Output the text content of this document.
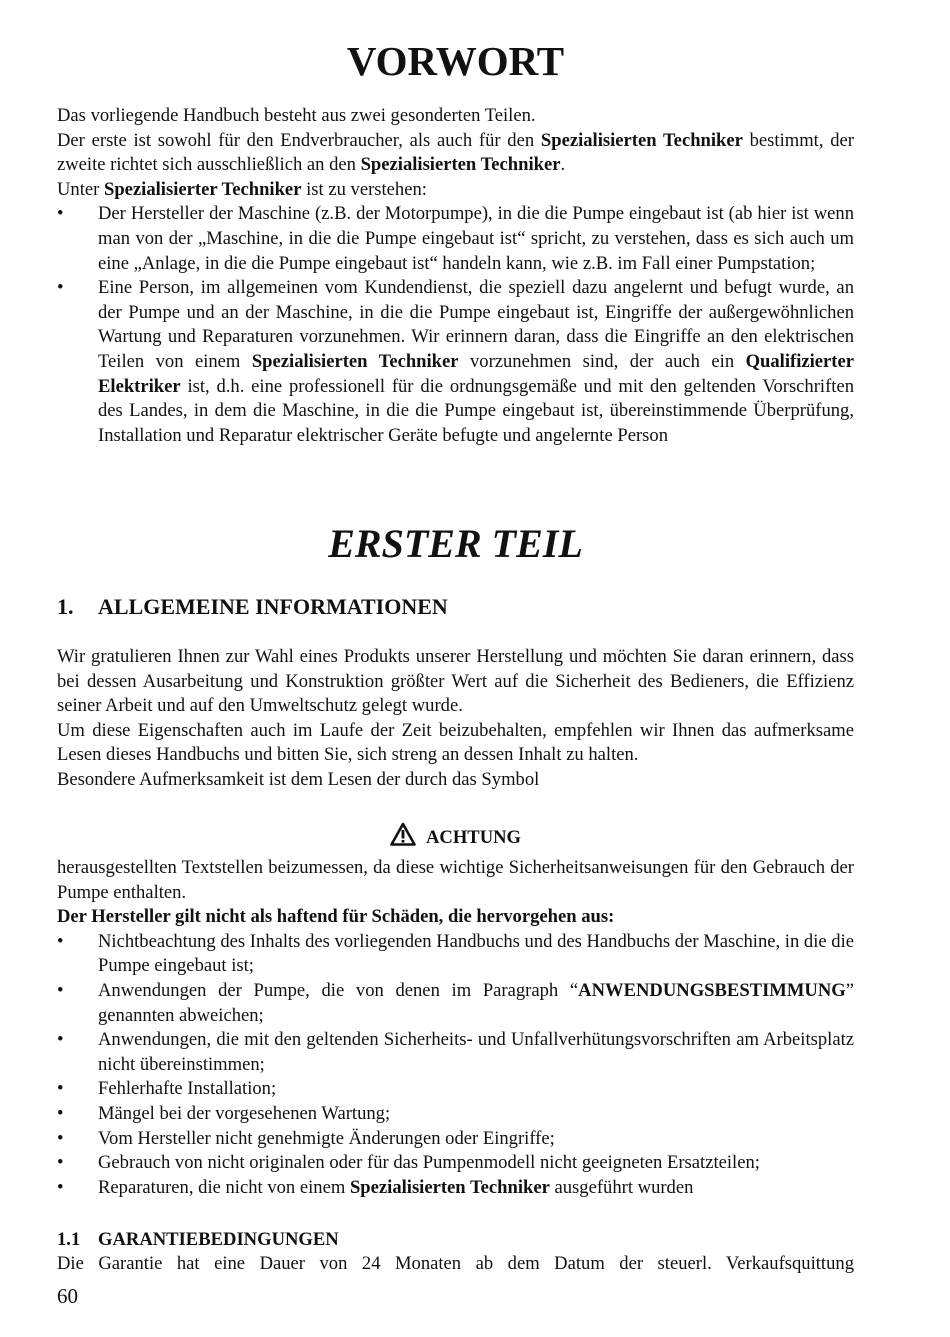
VORWORT

Das vorliegende Handbuch besteht aus zwei gesonderten Teilen.

Der erste ist sowohl für den Endverbraucher, als auch für den Spezialisierten Techniker bestimmt, der zweite richtet sich ausschließlich an den Spezialisierten Techniker.

Unter Spezialisierter Techniker ist zu verstehen:

• Der Hersteller der Maschine (z.B. der Motorpumpe), in die die Pumpe eingebaut ist (ab hier ist wenn man von der „Maschine, in die die Pumpe eingebaut ist“ spricht, zu verstehen, dass es sich auch um eine „Anlage, in die die Pumpe eingebaut ist“ handeln kann, wie z.B. im Fall einer Pumpstation;
• Eine Person, im allgemeinen vom Kundendienst, die speziell dazu angelernt und befugt wurde, an der Pumpe und an der Maschine, in die die Pumpe eingebaut ist, Eingriffe der außergewöhnlichen Wartung und Reparaturen vorzunehmen. Wir erinnern daran, dass die Eingriffe an den elektrischen Teilen von einem Spezialisierten Techniker vorzunehmen sind, der auch ein Qualifizierter Elektriker ist, d.h. eine professionell für die ordnungsgemäße und mit den geltenden Vorschriften des Landes, in dem die Maschine, in die die Pumpe eingebaut ist, übereinstimmende Überprüfung, Installation und Reparatur elektrischer Geräte befugte und angelernte Person
ERSTER TEIL
1. ALLGEMEINE INFORMATIONEN

Wir gratulieren Ihnen zur Wahl eines Produkts unserer Herstellung und möchten Sie daran erinnern, dass bei dessen Ausarbeitung und Konstruktion größter Wert auf die Sicherheit des Bedieners, die Effizienz seiner Arbeit und auf den Umweltschutz gelegt wurde.

Um diese Eigenschaften auch im Laufe der Zeit beizubehalten, empfehlen wir Ihnen das aufmerksame Lesen dieses Handbuchs und bitten Sie, sich streng an dessen Inhalt zu halten.

Besondere Aufmerksamkeit ist dem Lesen der durch das Symbol

ACHTUNG

herausgestellten Textstellen beizumessen, da diese wichtige Sicherheitsanweisungen für den Gebrauch der Pumpe enthalten.

Der Hersteller gilt nicht als haftend für Schäden, die hervorgehen aus:

• Nichtbeachtung des Inhalts des vorliegenden Handbuchs und des Handbuchs der Maschine, in die die Pumpe eingebaut ist;
• Anwendungen der Pumpe, die von denen im Paragraph “ANWENDUNGSBESTIMMUNG” genannten abweichen;
• Anwendungen, die mit den geltenden Sicherheits- und Unfallverhütungsvorschriften am Arbeitsplatz nicht übereinstimmen;
• Fehlerhafte Installation;
• Mängel bei der vorgesehenen Wartung;
• Vom Hersteller nicht genehmigte Änderungen oder Eingriffe;
• Gebrauch von nicht originalen oder für das Pumpenmodell nicht geeigneten Ersatzteilen;
• Reparaturen, die nicht von einem Spezialisierten Techniker ausgeführt wurden
1.1 GARANTIEBEDINGUNGEN

Die Garantie hat eine Dauer von 24 Monaten ab dem Datum der steuerl. Verkaufsquittung

60
